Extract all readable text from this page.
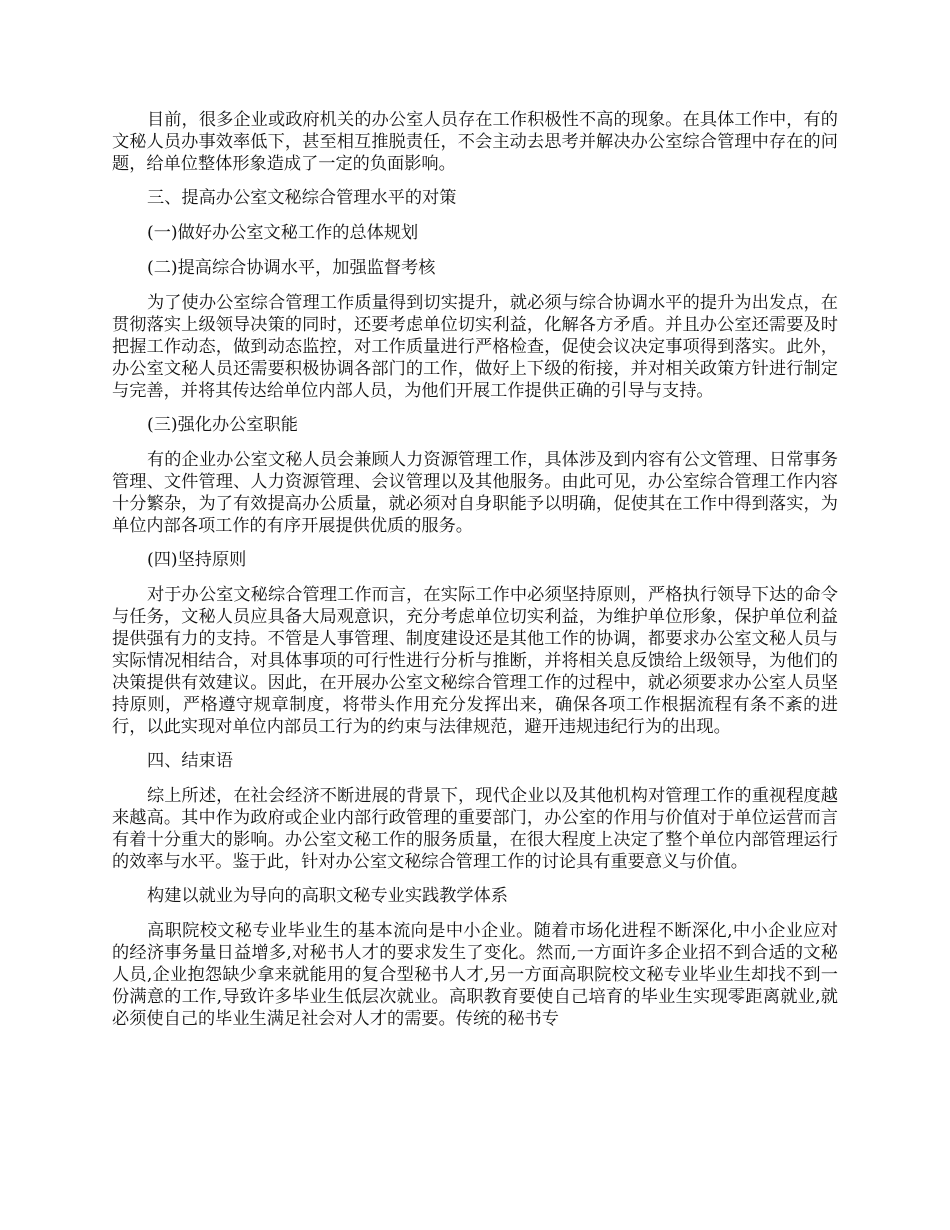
目前，很多企业或政府机关的办公室人员存在工作积极性不高的现象。在具体工作中，有的文秘人员办事效率低下，甚至相互推脱责任，不会主动去思考并解决办公室综合管理中存在的问题，给单位整体形象造成了一定的负面影响。

三、提高办公室文秘综合管理水平的对策

(一)做好办公室文秘工作的总体规划

(二)提高综合协调水平，加强监督考核

为了使办公室综合管理工作质量得到切实提升，就必须与综合协调水平的提升为出发点，在贯彻落实上级领导决策的同时，还要考虑单位切实利益，化解各方矛盾。并且办公室还需要及时把握工作动态，做到动态监控，对工作质量进行严格检查，促使会议决定事项得到落实。此外，办公室文秘人员还需要积极协调各部门的工作，做好上下级的衔接，并对相关政策方针进行制定与完善，并将其传达给单位内部人员，为他们开展工作提供正确的引导与支持。

(三)强化办公室职能

有的企业办公室文秘人员会兼顾人力资源管理工作，具体涉及到内容有公文管理、日常事务管理、文件管理、人力资源管理、会议管理以及其他服务。由此可见，办公室综合管理工作内容十分繁杂，为了有效提高办公质量，就必须对自身职能予以明确，促使其在工作中得到落实，为单位内部各项工作的有序开展提供优质的服务。

(四)坚持原则

对于办公室文秘综合管理工作而言，在实际工作中必须坚持原则，严格执行领导下达的命令与任务，文秘人员应具备大局观意识，充分考虑单位切实利益，为维护单位形象，保护单位利益提供强有力的支持。不管是人事管理、制度建设还是其他工作的协调，都要求办公室文秘人员与实际情况相结合，对具体事项的可行性进行分析与推断，并将相关息反馈给上级领导，为他们的决策提供有效建议。因此，在开展办公室文秘综合管理工作的过程中，就必须要求办公室人员坚持原则，严格遵守规章制度，将带头作用充分发挥出来，确保各项工作根据流程有条不紊的进行，以此实现对单位内部员工行为的约束与法律规范，避开违规违纪行为的出现。

四、结束语

综上所述，在社会经济不断进展的背景下，现代企业以及其他机构对管理工作的重视程度越来越高。其中作为政府或企业内部行政管理的重要部门，办公室的作用与价值对于单位运营而言有着十分重大的影响。办公室文秘工作的服务质量，在很大程度上决定了整个单位内部管理运行的效率与水平。鉴于此，针对办公室文秘综合管理工作的讨论具有重要意义与价值。

构建以就业为导向的高职文秘专业实践教学体系

高职院校文秘专业毕业生的基本流向是中小企业。随着市场化进程不断深化,中小企业应对的经济事务量日益增多,对秘书人才的要求发生了变化。然而,一方面许多企业招不到合适的文秘人员,企业抱怨缺少拿来就能用的复合型秘书人才,另一方面高职院校文秘专业毕业生却找不到一份满意的工作,导致许多毕业生低层次就业。高职教育要使自己培育的毕业生实现零距离就业,就必须使自己的毕业生满足社会对人才的需要。传统的秘书专
